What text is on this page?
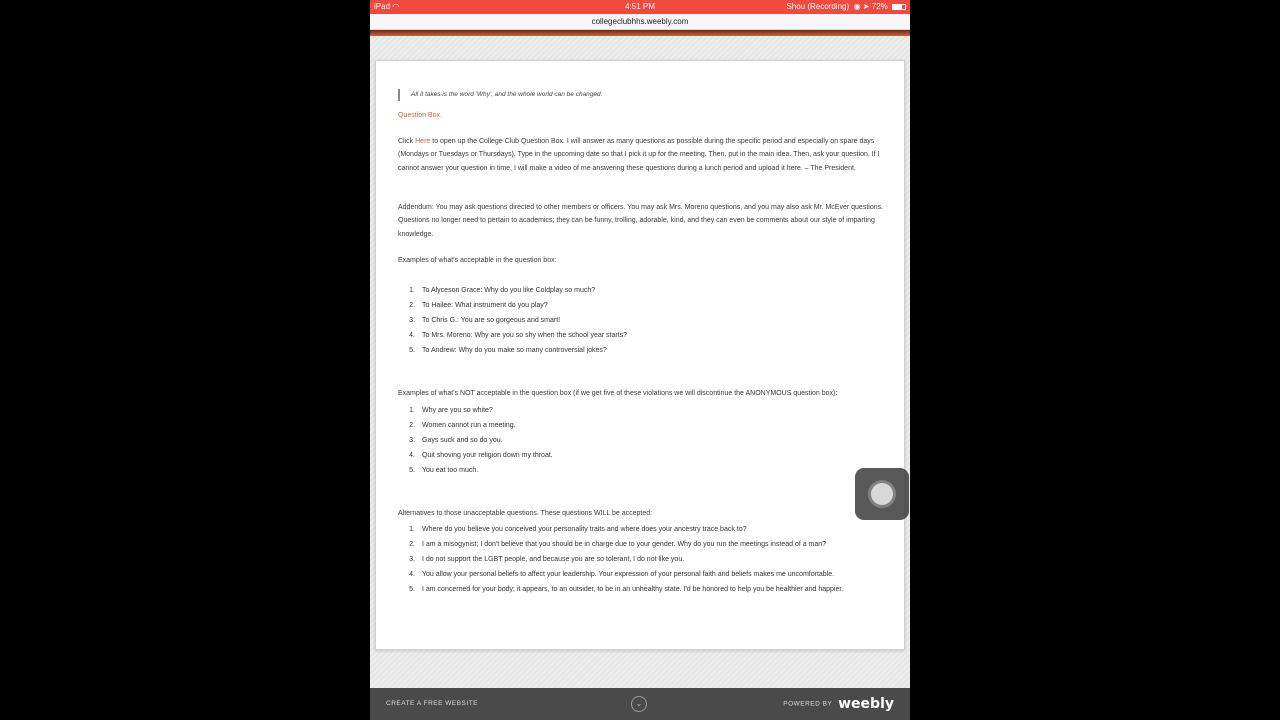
iPad ◠	4:51 PM	Shou (Recording) ◉ ➤ 72%
collegeclubhhs.weebly.com
All it takes is the word 'Why', and the whole world can be changed.
Question Box.
Click Here to open up the College Club Question Box. I will answer as many questions as possible during the specific period and especially on spare days (Mondays or Tuesdays or Thursdays). Type in the upcoming date so that I pick it up for the meeting. Then, put in the main idea. Then, ask your question. If I cannot answer your question in time, I will make a video of me answering these questions during a lunch period and upload it here. – The President.
Addendum: You may ask questions directed to other members or officers. You may ask Mrs. Moreno questions, and you may also ask Mr. McEver questions. Questions no longer need to pertain to academics; they can be funny, trolling, adorable, kind, and they can even be comments about our style of imparting knowledge.
Examples of what's acceptable in the question box:
1. To Alyceson Grace: Why do you like Coldplay so much?
2. To Hailee: What instrument do you play?
3. To Chris G.: You are so gorgeous and smart!
4. To Mrs. Moreno: Why are you so shy when the school year starts?
5. To Andrew: Why do you make so many controversial jokes?
Examples of what's NOT acceptable in the question box (if we get five of these violations we will discontinue the ANONYMOUS question box):
1. Why are you so white?
2. Women cannot run a meeting.
3. Gays suck and so do you.
4. Quit shoving your religion down my throat.
5. You eat too much.
Alternatives to those unacceptable questions. These questions WILL be accepted:
1. Where do you believe you conceived your personality traits and where does your ancestry trace back to?
2. I am a misogynist; I don't believe that you should be in charge due to your gender. Why do you run the meetings instead of a man?
3. I do not support the LGBT people, and because you are so tolerant, I do not like you.
4. You allow your personal beliefs to affect your leadership. Your expression of your personal faith and beliefs makes me uncomfortable.
5. I am concerned for your body; it appears, to an outsider, to be in an unhealthy state. I'd be honored to help you be healthier and happier.
CREATE A FREE WEBSITE	⌄	POWERED BY weebly
